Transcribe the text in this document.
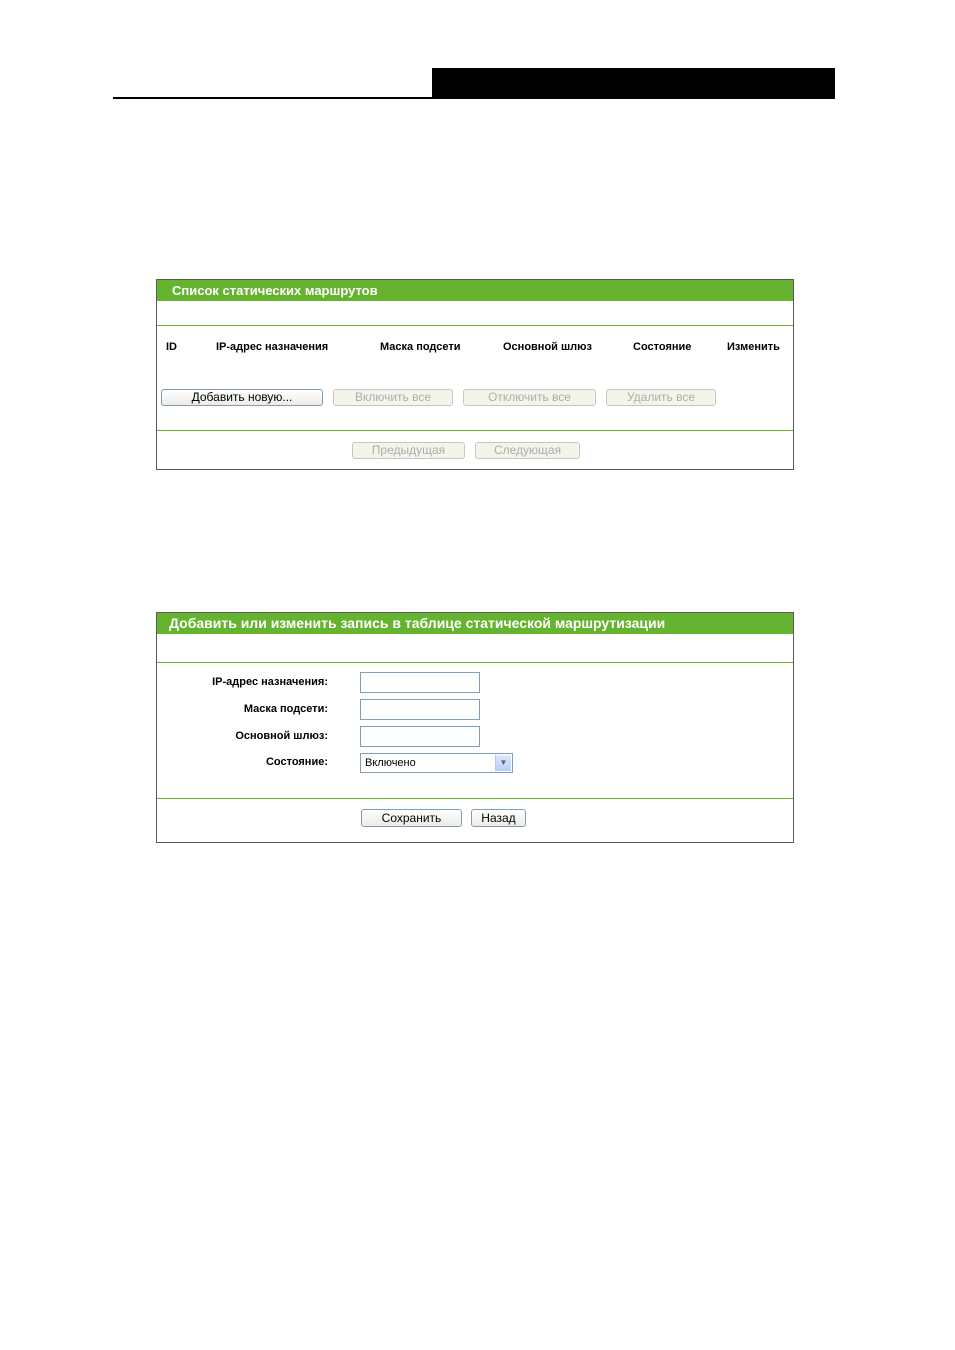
Список статических маршрутов
ID	IP-адрес назначения	Маска подсети	Основной шлюз	Состояние	Изменить
Добавить новую...	Включить все	Отключить все	Удалить все
Предыдущая	Следующая
Добавить или изменить запись в таблице статической маршрутизации
IP-адрес назначения:
Маска подсети:
Основной шлюз:
Состояние:	Включено	▼
Сохранить	Назад
